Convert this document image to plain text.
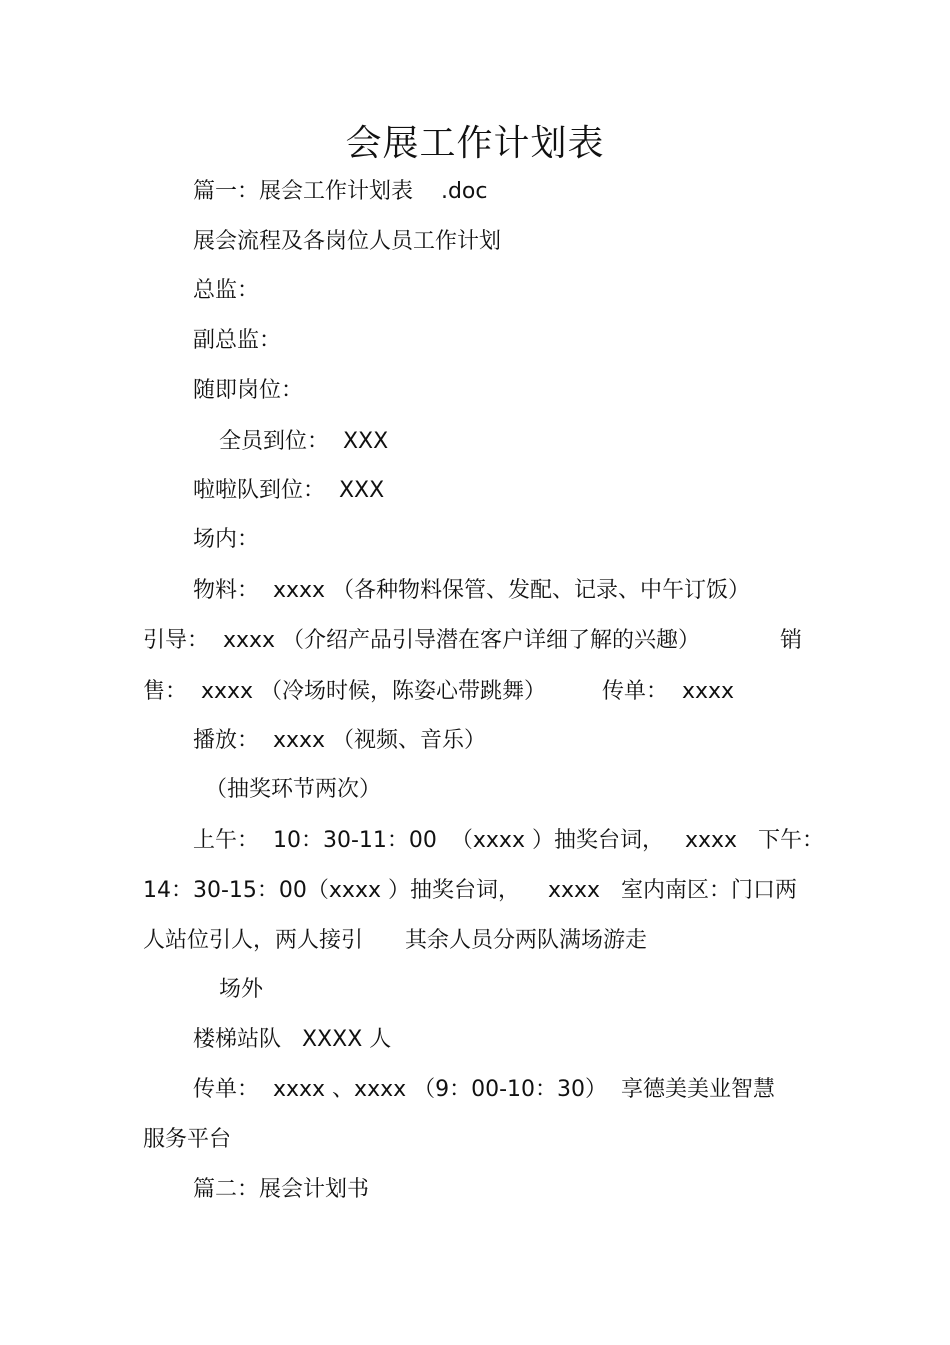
会展工作计划表
篇一：展会工作计划表    .doc
展会流程及各岗位人员工作计划
总监：
副总监：
随即岗位：
全员到位：  XXX
啦啦队到位：  XXX
场内：
物料：  xxxx （各种物料保管、发配、记录、中午订饭）
引导：  xxxx （介绍产品引导潜在客户详细了解的兴趣）	销
售：  xxxx （冷场时候，陈姿心带跳舞）        传单：  xxxx
播放：  xxxx （视频、音乐）
（抽奖环节两次）
上午：  10：30-11：00  （xxxx ）抽奖台词，   xxxx   下午：
14：30-15：00（xxxx ）抽奖台词，    xxxx   室内南区：门口两
人站位引人，两人接引      其余人员分两队满场游走
场外
楼梯站队   XXXX 人
传单：  xxxx 、xxxx （9：00-10：30）  享德美美业智慧
服务平台
篇二：展会计划书
